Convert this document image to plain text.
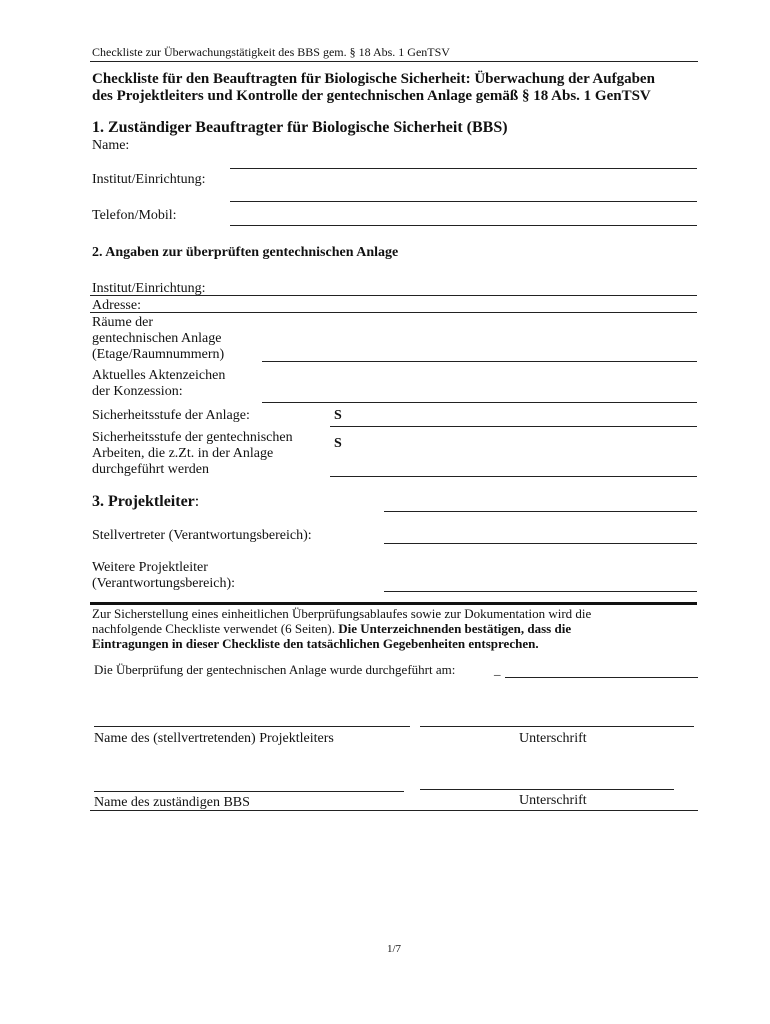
Checkliste zur Überwachungstätigkeit des BBS gem. § 18 Abs. 1 GenTSV
Checkliste für den Beauftragten für Biologische Sicherheit: Überwachung der Aufgaben
des Projektleiters und Kontrolle der gentechnischen Anlage gemäß § 18 Abs. 1 GenTSV
1. Zuständiger Beauftragter für Biologische Sicherheit (BBS)
Name:
Institut/Einrichtung:
Telefon/Mobil:
2. Angaben zur überprüften gentechnischen Anlage
Institut/Einrichtung:
Adresse:
Räume der
gentechnischen Anlage
(Etage/Raumnummern)
Aktuelles Aktenzeichen
der Konzession:
Sicherheitsstufe der Anlage:	S
Sicherheitsstufe der gentechnischen
Arbeiten, die z.Zt. in der Anlage
durchgeführt werden
S
3. Projektleiter:
Stellvertreter (Verantwortungsbereich):
Weitere Projektleiter
(Verantwortungsbereich):
Zur Sicherstellung eines einheitlichen Überprüfungsablaufes sowie zur Dokumentation wird die
nachfolgende Checkliste verwendet (6 Seiten). Die Unterzeichnenden bestätigen, dass die
Eintragungen in dieser Checkliste den tatsächlichen Gegebenheiten entsprechen.
Die Überprüfung der gentechnischen Anlage wurde durchgeführt am:	_
Name des (stellvertretenden) Projektleiters	Unterschrift
Name des zuständigen BBS	Unterschrift
1/7
